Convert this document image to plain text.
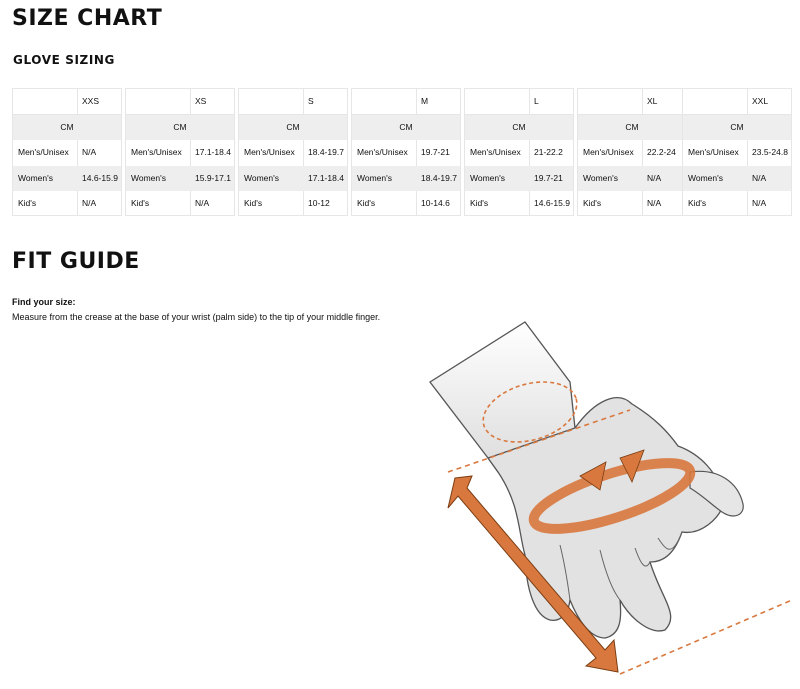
SIZE CHART
GLOVE SIZING
XXS
CM
Men's/Unisex N/A
Women's	14.6-15.9
Kid's	N/A
XS
CM
Men's/Unisex 17.1-18.4
Women's	15.9-17.1
Kid's	N/A
S
CM
Men's/Unisex 18.4-19.7
Women's	17.1-18.4
Kid's	10-12
M
CM
Men's/Unisex 19.7-21
Women's	18.4-19.7
Kid's	10-14.6
L
CM
Men's/Unisex 21-22.2
Women's	19.7-21
Kid's	14.6-15.9
XL
CM
Men's/Unisex 22.2-24
Women's	N/A
Kid's	N/A
XXL
CM
Men's/Unisex 23.5-24.8
Women's	N/A
Kid's	N/A
FIT GUIDE
Find your size:
Measure from the crease at the base of your wrist (palm side) to the tip of your middle finger.
